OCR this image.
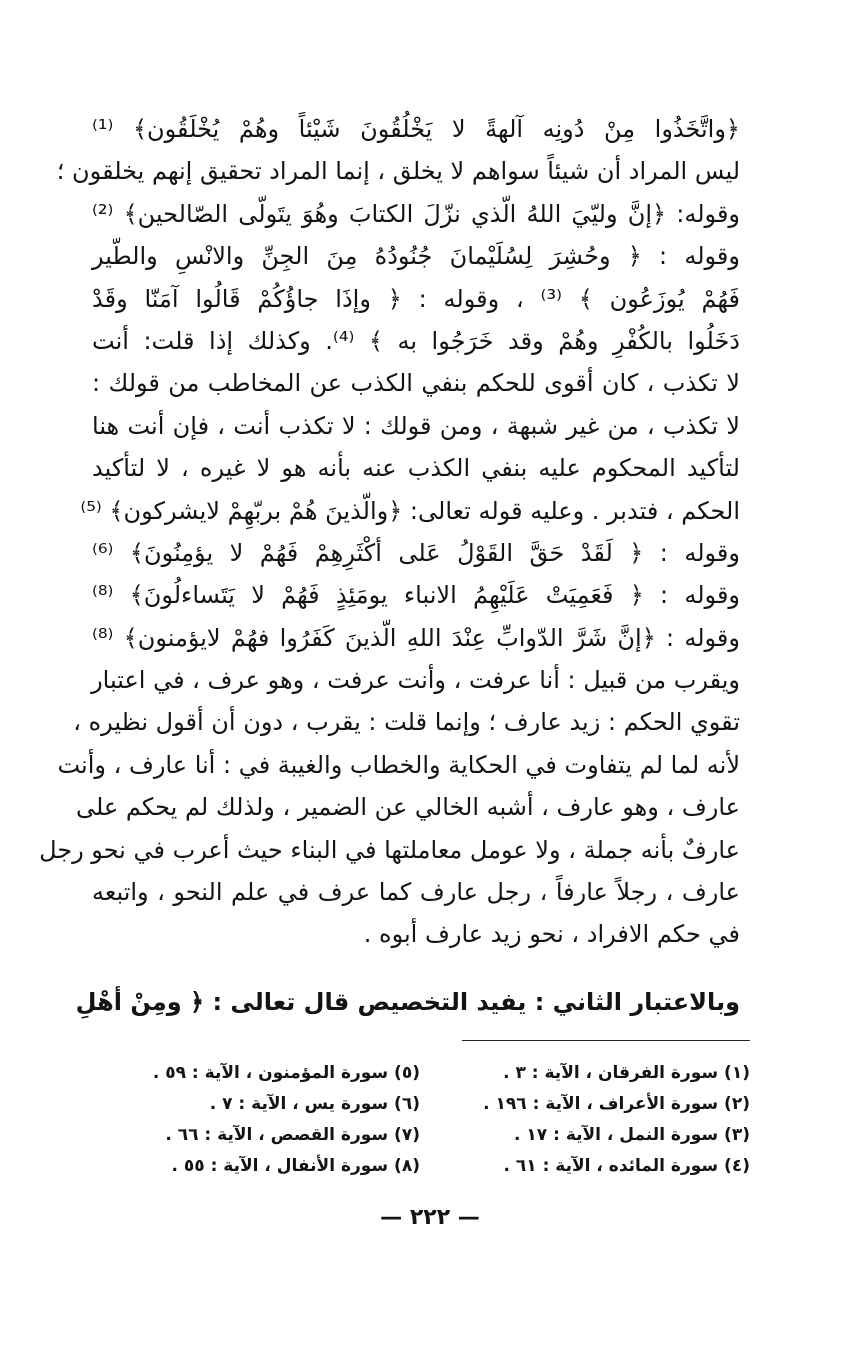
﴿واتَّخَذُوا مِنْ دُونِه آلهةً لا يَخْلُقُونَ شَيْئاً وهُمْ يُخْلَقُون﴾ ⁽¹⁾
ليس المراد أن شيئاً سواهم لا يخلق ، إنما المراد تحقيق إنهم يخلقون ؛
وقوله: ﴿إنَّ وليّيَ اللهُ الّذي نزّلَ الكتابَ وهُوَ يتَولّى الصّالحين﴾ ⁽²⁾
وقوله : ﴿ وحُشِرَ لِسُلَيْمانَ جُنُودُهُ مِنَ الجِنِّ والانْسِ والطّير
فَهُمْ يُوزَعُون ﴾ ⁽³⁾ ، وقوله : ﴿ وإذَا جاؤُكُمْ قَالُوا آمَنّا وقَدْ
دَخَلُوا بالكُفْرِ وهُمْ وقد خَرَجُوا به ﴾ ⁽⁴⁾. وكذلك إذا قلت: أنت
لا تكذب ، كان أقوى للحكم بنفي الكذب عن المخاطب من قولك :
لا تكذب ، من غير شبهة ، ومن قولك : لا تكذب أنت ، فإن أنت هنا
لتأكيد المحكوم عليه بنفي الكذب عنه بأنه هو لا غيره ، لا لتأكيد
الحكم ، فتدبر . وعليه قوله تعالى: ﴿والّذينَ هُمْ بربّهِمْ لايشركون﴾ ⁽⁵⁾
وقوله : ﴿ لَقَدْ حَقَّ القَوْلُ عَلى أكْثَرِهِمْ فَهُمْ لا يؤمِنُونَ﴾ ⁽⁶⁾
وقوله : ﴿ فَعَمِيَتْ عَلَيْهِمُ الانباء يومَئِذٍ فَهُمْ لا يَتَساءلُونَ﴾ ⁽⁸⁾
وقوله : ﴿إنَّ شَرَّ الدّوابِّ عِنْدَ اللهِ الّذينَ كَفَرُوا فهُمْ لايؤمنون﴾ ⁽⁸⁾
ويقرب من قبيل : أنا عرفت ، وأنت عرفت ، وهو عرف ، في اعتبار
تقوي الحكم : زيد عارف ؛ وإنما قلت : يقرب ، دون أن أقول نظيره ،
لأنه لما لم يتفاوت في الحكاية والخطاب والغيبة في : أنا عارف ، وأنت
عارف ، وهو عارف ، أشبه الخالي عن الضمير ، ولذلك لم يحكم على
عارفٌ بأنه جملة ، ولا عومل معاملتها في البناء حيث أعرب في نحو رجل
عارف ، رجلاً عارفاً ، رجل عارف كما عرف في علم النحو ، واتبعه
في حكم الافراد ، نحو زيد عارف أبوه .
وبالاعتبار الثاني : يفيد التخصيص قال تعالى : ﴿ ومِنْ أهْلِ
(١) سورة الفرقان ، الآية : ٣ .
(٢) سورة الأعراف ، الآية : ١٩٦ .
(٣) سورة النمل ، الآية : ١٧ .
(٤) سورة المائده ، الآية : ٦١ .
(٥) سورة المؤمنون ، الآية : ٥٩ .
(٦) سورة يس ، الآية : ٧ .
(٧) سورة القصص ، الآية : ٦٦ .
(٨) سورة الأنفال ، الآية : ٥٥ .
— ٢٢٢ —
